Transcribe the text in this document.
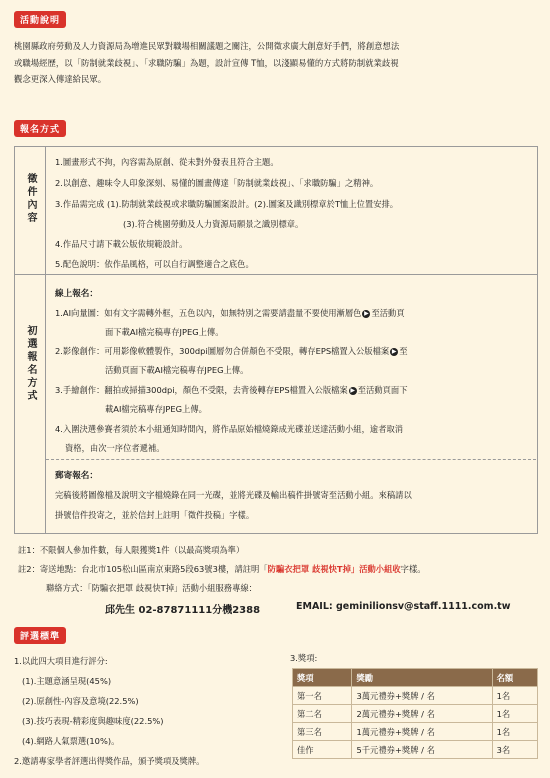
活動說明
桃園縣政府勞動及人力資源局為增進民眾對職場相關議題之關注，公開徵求廣大創意好手們，將創意想法
或職場經歷，以「防制就業歧視」、「求職防騙」為題，設計宣傳 T恤，以淺顯易懂的方式將防制就業歧視
觀念更深入傳達給民眾。
報名方式
徵件內容
1.圖畫形式不拘，內容需為原創、從未對外發表且符合主題。
2.以創意、趣味令人印象深刻、易懂的圖畫傳達「防制就業歧視」、「求職防騙」之精神。
3.作品需完成 (1).防制就業歧視或求職防騙圖案設計。(2).圖案及識別標章於T恤上位置安排。
(3).符合桃園勞動及人力資源局願景之識別標章。
4.作品尺寸請下載公版依規範設計。
5.配色說明：依作品風格，可以自行調整適合之底色。
初選報名方式
線上報名：
1.AI向量圖：如有文字需轉外框，五色以內，如無特別之需要請盡量不要使用漸層色 ▶ 至活動頁
面下載AI檔完稿專存JPEG上傳。
2.影像創作：可用影像軟體製作，300dpi圖層勿合併顏色不受限，轉存EPS檔置入公版檔案 ▶ 至
活動頁面下載AI檔完稿專存JPEG上傳。
3.手繪創作：翻拍或掃描300dpi，顏色不受限，去背後轉存EPS檔置入公版檔案 ▶ 至活動頁面下
載AI檔完稿專存JPEG上傳。
4.入圍決選參賽者須於本小組通知時間內，將作品原始檔燒錄成光碟並送達活動小組，逾者取消
資格，由次一序位者遞補。
郵寄報名：
完稿後將圖像檔及說明文字檔燒錄在同一光碟，並將光碟及輸出稿件掛號寄至活動小組。來稿請以
掛號信件投寄之，並於信封上註明「徵件投稿」字樣。
註1：不限個人參加件數，每人限獲獎1件（以最高獎項為準）
註2：寄送地點：台北市105松山區南京東路5段63號3樓，請註明「防騙衣把罩 歧視快T掉」活動小組收字樣。
聯絡方式：「防騙衣把罩 歧視快T掉」活動小組服務專線：
邱先生 02-87871111分機2388	EMAIL: geminilionsv@staff.1111.com.tw
評選標準
1.以此四大項目進行評分:
(1).主題意涵呈現(45%)
(2).原創性-內容及意境(22.5%)
(3).技巧表現-精彩度與趣味度(22.5%)
(4).網路人氣票選(10%)。
2.邀請專家學者評選出得獎作品，頒予獎項及獎牌。
3.獎項:
獎項	獎勵	名額
第一名	3萬元禮券+獎牌 / 名	1名
第二名	2萬元禮券+獎牌 / 名	1名
第三名	1萬元禮券+獎牌 / 名	1名
佳作	5千元禮券+獎牌 / 名	3名
